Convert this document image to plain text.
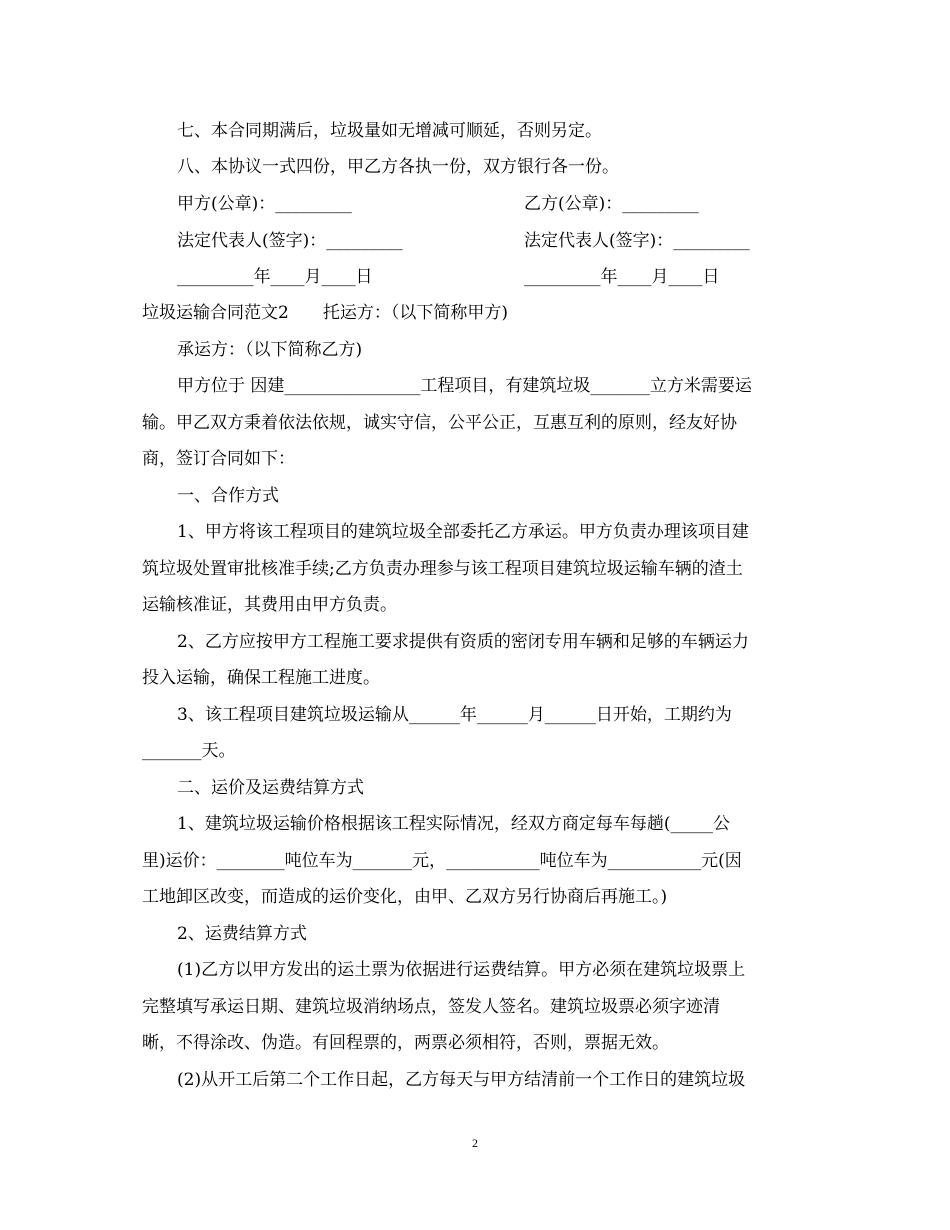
七、本合同期满后，垃圾量如无增减可顺延，否则另定。
八、本协议一式四份，甲乙方各执一份，双方银行各一份。
甲方(公章)：_________	乙方(公章)：_________
法定代表人(签字)：_________	法定代表人(签字)：_________
_________年____月____日	_________年____月____日
垃圾运输合同范文2　　托运方：（以下简称甲方)
承运方：（以下简称乙方)
甲方位于 因建________________工程项目，有建筑垃圾_______立方米需要运
输。甲乙双方秉着依法依规，诚实守信，公平公正，互惠互利的原则，经友好协
商，签订合同如下：
一、合作方式
1、甲方将该工程项目的建筑垃圾全部委托乙方承运。甲方负责办理该项目建
筑垃圾处置审批核准手续;乙方负责办理参与该工程项目建筑垃圾运输车辆的渣土
运输核准证，其费用由甲方负责。
2、乙方应按甲方工程施工要求提供有资质的密闭专用车辆和足够的车辆运力
投入运输，确保工程施工进度。
3、该工程项目建筑垃圾运输从______年______月______日开始，工期约为
_______天。
二、运价及运费结算方式
1、建筑垃圾运输价格根据该工程实际情况，经双方商定每车每趟(_____公
里)运价：________吨位车为_______元，___________吨位车为___________元(因
工地卸区改变，而造成的运价变化，由甲、乙双方另行协商后再施工。)
2、运费结算方式
(1)乙方以甲方发出的运土票为依据进行运费结算。甲方必须在建筑垃圾票上
完整填写承运日期、建筑垃圾消纳场点，签发人签名。建筑垃圾票必须字迹清
晰，不得涂改、伪造。有回程票的，两票必须相符，否则，票据无效。
(2)从开工后第二个工作日起，乙方每天与甲方结清前一个工作日的建筑垃圾
2
